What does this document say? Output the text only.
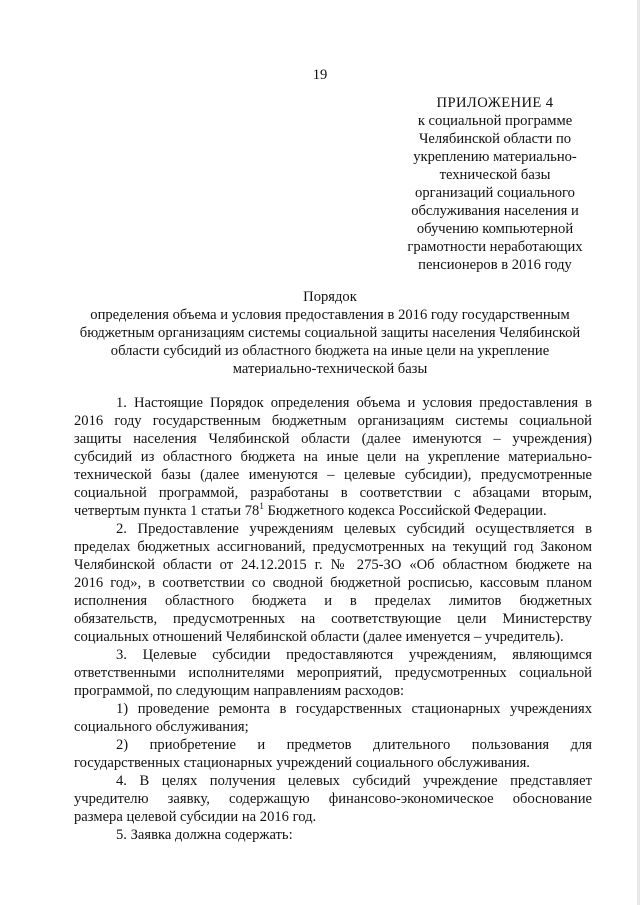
19
ПРИЛОЖЕНИЕ 4
к социальной программе
Челябинской области по
укреплению материально-
технической базы
организаций социального
обслуживания населения и
обучению компьютерной
грамотности неработающих
пенсионеров в 2016 году
Порядок
определения объема и условия предоставления в 2016 году государственным
бюджетным организациям системы социальной защиты населения Челябинской
области субсидий из областного бюджета на иные цели на укрепление
материально-технической базы
1. Настоящие Порядок определения объема и условия предоставления в
2016 году государственным бюджетным организациям системы социальной
защиты населения Челябинской области (далее именуются – учреждения)
субсидий из областного бюджета на иные цели на укрепление материально-
технической базы (далее именуются – целевые субсидии), предусмотренные
социальной программой, разработаны в соответствии с абзацами вторым,
четвертым пункта 1 статьи $78^1$ Бюджетного кодекса Российской Федерации.
2. Предоставление учреждениям целевых субсидий осуществляется в
пределах бюджетных ассигнований, предусмотренных на текущий год Законом
Челябинской области от 24.12.2015 г. № 275-ЗО «Об областном бюджете на
2016 год», в соответствии со сводной бюджетной росписью, кассовым планом
исполнения областного бюджета и в пределах лимитов бюджетных
обязательств, предусмотренных на соответствующие цели Министерству
социальных отношений Челябинской области (далее именуется – учредитель).
3. Целевые субсидии предоставляются учреждениям, являющимся
ответственными исполнителями мероприятий, предусмотренных социальной
программой, по следующим направлениям расходов:
1) проведение ремонта в государственных стационарных учреждениях
социального обслуживания;
2) приобретение и предметов длительного пользования для
государственных стационарных учреждений социального обслуживания.
4. В целях получения целевых субсидий учреждение представляет
учредителю заявку, содержащую финансово-экономическое обоснование
размера целевой субсидии на 2016 год.
5. Заявка должна содержать:
